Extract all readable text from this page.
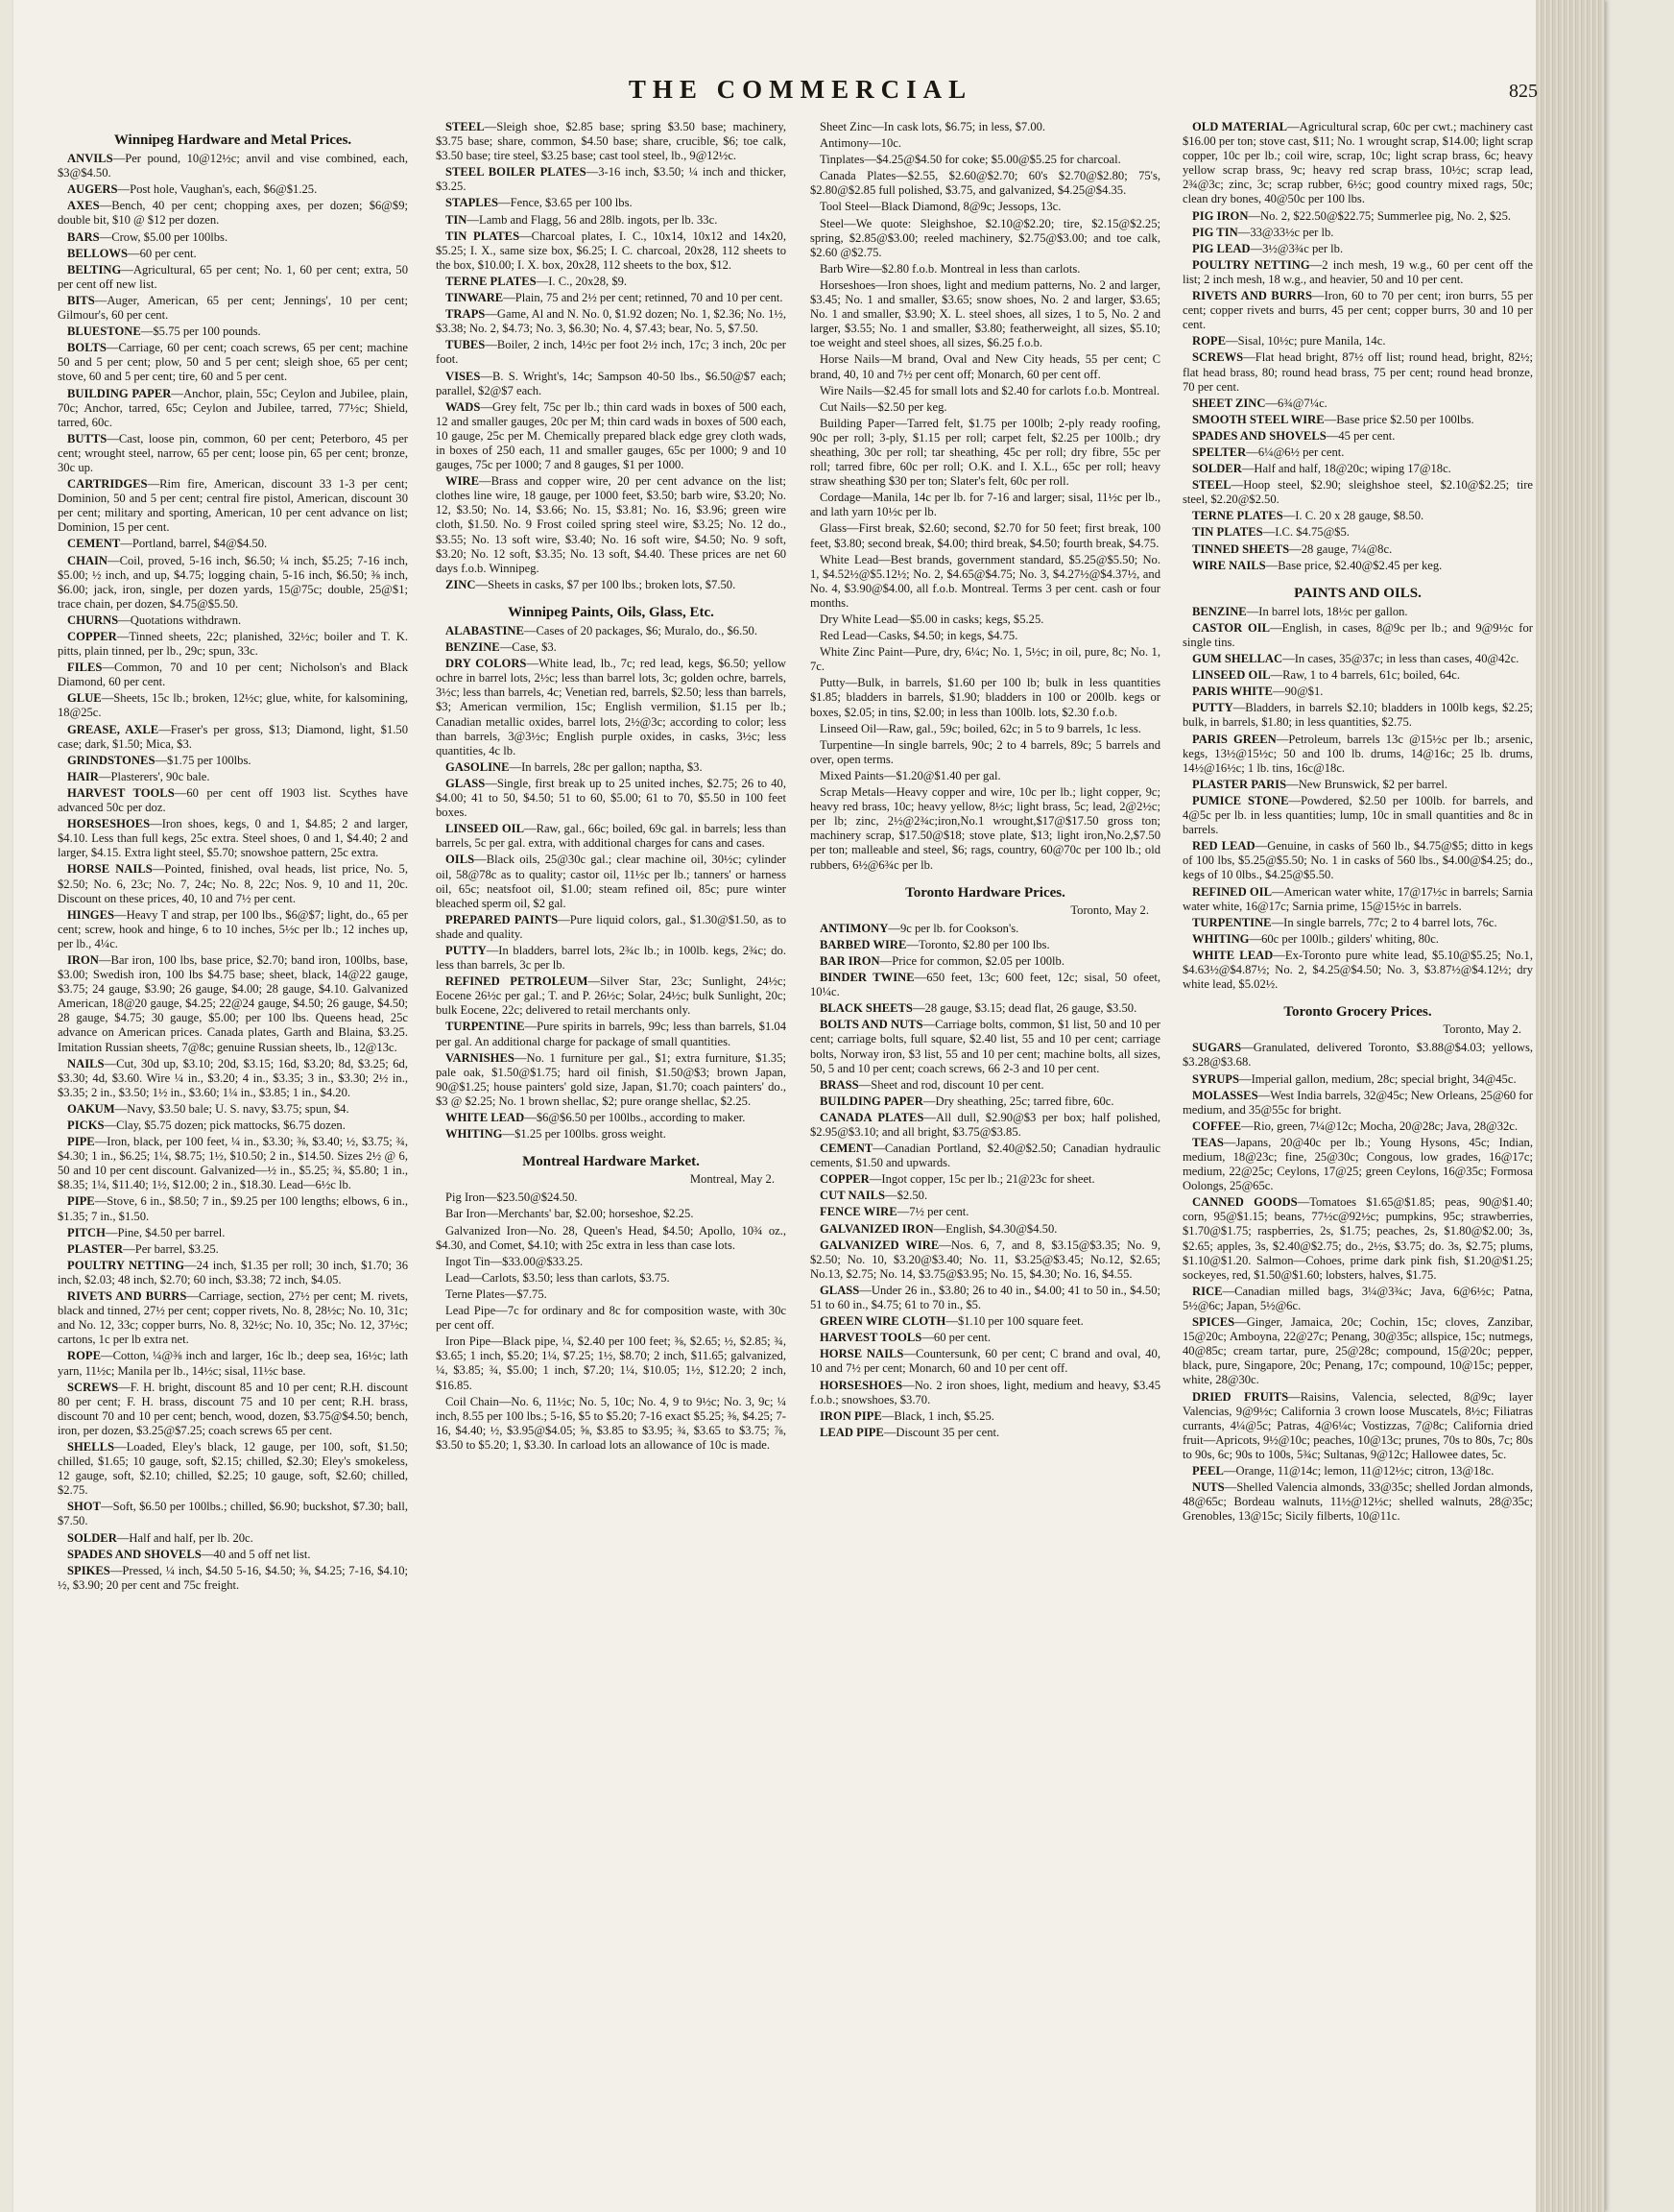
THE COMMERCIAL	825
Winnipeg Hardware and Metal Prices.

ANVILS—Per pound, 10@12½c; anvil and vise combined, each, $3@$4.50.

AUGERS—Post hole, Vaughan's, each, $6@$1.25.

AXES—Bench, 40 per cent; chopping axes, per dozen; $6@$9; double bit, $10 @ $12 per dozen.

BARS—Crow, $5.00 per 100lbs.

BELLOWS—60 per cent.

BELTING—Agricultural, 65 per cent; No. 1, 60 per cent; extra, 50 per cent off new list.

BITS—Auger, American, 65 per cent; Jennings', 10 per cent; Gilmour's, 60 per cent.

BLUESTONE—$5.75 per 100 pounds.

BOLTS—Carriage, 60 per cent; coach screws, 65 per cent; machine 50 and 5 per cent; plow, 50 and 5 per cent; sleigh shoe, 65 per cent; stove, 60 and 5 per cent; tire, 60 and 5 per cent.

BUILDING PAPER—Anchor, plain, 55c; Ceylon and Jubilee, plain, 70c; Anchor, tarred, 65c; Ceylon and Jubilee, tarred, 77½c; Shield, tarred, 60c.

BUTTS—Cast, loose pin, common, 60 per cent; Peterboro, 45 per cent; wrought steel, narrow, 65 per cent; loose pin, 65 per cent; bronze, 30c up.

CARTRIDGES—Rim fire, American, discount 33 1-3 per cent; Dominion, 50 and 5 per cent; central fire pistol, American, discount 30 per cent; military and sporting, American, 10 per cent advance on list; Dominion, 15 per cent.

CEMENT—Portland, barrel, $4@$4.50.

CHAIN—Coil, proved, 5-16 inch, $6.50; ¼ inch, $5.25; 7-16 inch, $5.00; ½ inch, and up, $4.75; logging chain, 5-16 inch, $6.50; ⅜ inch, $6.00; jack, iron, single, per dozen yards, 15@75c; double, 25@$1; trace chain, per dozen, $4.75@$5.50.

CHURNS—Quotations withdrawn.

COPPER—Tinned sheets, 22c; planished, 32½c; boiler and T. K. pitts, plain tinned, per lb., 29c; spun, 33c.

FILES—Common, 70 and 10 per cent; Nicholson's and Black Diamond, 60 per cent.

GLUE—Sheets, 15c lb.; broken, 12½c; glue, white, for kalsomining, 18@25c.

GREASE, AXLE—Fraser's per gross, $13; Diamond, light, $1.50 case; dark, $1.50; Mica, $3.

GRINDSTONES—$1.75 per 100lbs.

HAIR—Plasterers', 90c bale.

HARVEST TOOLS—60 per cent off 1903 list. Scythes have advanced 50c per doz.

HORSESHOES—Iron shoes, kegs, 0 and 1, $4.85; 2 and larger, $4.10. Less than full kegs, 25c extra. Steel shoes, 0 and 1, $4.40; 2 and larger, $4.15. Extra light steel, $5.70; snowshoe pattern, 25c extra.

HORSE NAILS—Pointed, finished, oval heads, list price, No. 5, $2.50; No. 6, 23c; No. 7, 24c; No. 8, 22c; Nos. 9, 10 and 11, 20c. Discount on these prices, 40, 10 and 7½ per cent.

HINGES—Heavy T and strap, per 100 lbs., $6@$7; light, do., 65 per cent; screw, hook and hinge, 6 to 10 inches, 5½c per lb.; 12 inches up, per lb., 4¼c.

IRON—Bar iron, 100 lbs, base price, $2.70; band iron, 100lbs, base, $3.00; Swedish iron, 100 lbs $4.75 base; sheet, black, 14@22 gauge, $3.75; 24 gauge, $3.90; 26 gauge, $4.00; 28 gauge, $4.10. Galvanized American, 18@20 gauge, $4.25; 22@24 gauge, $4.50; 26 gauge, $4.50; 28 gauge, $4.75; 30 gauge, $5.00; per 100 lbs. Queens head, 25c advance on American prices. Canada plates, Garth and Blaina, $3.25. Imitation Russian sheets, 7@8c; genuine Russian sheets, lb., 12@13c.

NAILS—Cut, 30d up, $3.10; 20d, $3.15; 16d, $3.20; 8d, $3.25; 6d, $3.30; 4d, $3.60. Wire ¼ in., $3.20; 4 in., $3.35; 3 in., $3.30; 2½ in., $3.35; 2 in., $3.50; 1½ in., $3.60; 1¼ in., $3.85; 1 in., $4.20.

OAKUM—Navy, $3.50 bale; U. S. navy, $3.75; spun, $4.

PICKS—Clay, $5.75 dozen; pick mattocks, $6.75 dozen.

PIPE—Iron, black, per 100 feet, ¼ in., $3.30; ⅜, $3.40; ½, $3.75; ¾, $4.30; 1 in., $6.25; 1¼, $8.75; 1½, $10.50; 2 in., $14.50. Sizes 2½ @ 6, 50 and 10 per cent discount. Galvanized—½ in., $5.25; ¾, $5.80; 1 in., $8.35; 1¼, $11.40; 1½, $12.00; 2 in., $18.30. Lead—6½c lb.

PIPE—Stove, 6 in., $8.50; 7 in., $9.25 per 100 lengths; elbows, 6 in., $1.35; 7 in., $1.50.

PITCH—Pine, $4.50 per barrel.

PLASTER—Per barrel, $3.25.

POULTRY NETTING—24 inch, $1.35 per roll; 30 inch, $1.70; 36 inch, $2.03; 48 inch, $2.70; 60 inch, $3.38; 72 inch, $4.05.

RIVETS AND BURRS—Carriage, section, 27½ per cent; M. rivets, black and tinned, 27½ per cent; copper rivets, No. 8, 28½c; No. 10, 31c; and No. 12, 33c; copper burrs, No. 8, 32½c; No. 10, 35c; No. 12, 37½c; cartons, 1c per lb extra net.

ROPE—Cotton, ¼@⅜ inch and larger, 16c lb.; deep sea, 16½c; lath yarn, 11½c; Manila per lb., 14½c; sisal, 11½c base.

SCREWS—F. H. bright, discount 85 and 10 per cent; R.H. discount 80 per cent; F. H. brass, discount 75 and 10 per cent; R.H. brass, discount 70 and 10 per cent; bench, wood, dozen, $3.75@$4.50; bench, iron, per dozen, $3.25@$7.25; coach screws 65 per cent.

SHELLS—Loaded, Eley's black, 12 gauge, per 100, soft, $1.50; chilled, $1.65; 10 gauge, soft, $2.15; chilled, $2.30; Eley's smokeless, 12 gauge, soft, $2.10; chilled, $2.25; 10 gauge, soft, $2.60; chilled, $2.75.

SHOT—Soft, $6.50 per 100lbs.; chilled, $6.90; buckshot, $7.30; ball, $7.50.

SOLDER—Half and half, per lb. 20c.

SPADES AND SHOVELS—40 and 5 off net list.

SPIKES—Pressed, ¼ inch, $4.50 5-16, $4.50; ⅜, $4.25; 7-16, $4.10; ½, $3.90; 20 per cent and 75c freight.

STEEL—Sleigh shoe, $2.85 base; spring $3.50 base; machinery, $3.75 base; share, common, $4.50 base; share, crucible, $6; toe calk, $3.50 base; tire steel, $3.25 base; cast tool steel, lb., 9@12½c.

STEEL BOILER PLATES—3-16 inch, $3.50; ¼ inch and thicker, $3.25.

STAPLES—Fence, $3.65 per 100 lbs.

TIN—Lamb and Flagg, 56 and 28lb. ingots, per lb. 33c.

TIN PLATES—Charcoal plates, I. C., 10x14, 10x12 and 14x20, $5.25; I. X., same size box, $6.25; I. C. charcoal, 20x28, 112 sheets to the box, $10.00; I. X. box, 20x28, 112 sheets to the box, $12.

TERNE PLATES—I. C., 20x28, $9.

TINWARE—Plain, 75 and 2½ per cent; retinned, 70 and 10 per cent.

TRAPS—Game, Al and N. No. 0, $1.92 dozen; No. 1, $2.36; No. 1½, $3.38; No. 2, $4.73; No. 3, $6.30; No. 4, $7.43; bear, No. 5, $7.50.

TUBES—Boiler, 2 inch, 14½c per foot 2½ inch, 17c; 3 inch, 20c per foot.

VISES—B. S. Wright's, 14c; Sampson 40-50 lbs., $6.50@$7 each; parallel, $2@$7 each.

WADS—Grey felt, 75c per lb.; thin card wads in boxes of 500 each, 12 and smaller gauges, 20c per M; thin card wads in boxes of 500 each, 10 gauge, 25c per M. Chemically prepared black edge grey cloth wads, in boxes of 250 each, 11 and smaller gauges, 65c per 1000; 9 and 10 gauges, 75c per 1000; 7 and 8 gauges, $1 per 1000.

WIRE—Brass and copper wire, 20 per cent advance on the list; clothes line wire, 18 gauge, per 1000 feet, $3.50; barb wire, $3.20; No. 12, $3.50; No. 14, $3.66; No. 15, $3.81; No. 16, $3.96; green wire cloth, $1.50. No. 9 Frost coiled spring steel wire, $3.25; No. 12 do., $3.55; No. 13 soft wire, $3.40; No. 16 soft wire, $4.50; No. 9 soft, $3.20; No. 12 soft, $3.35; No. 13 soft, $4.40. These prices are net 60 days f.o.b. Winnipeg.

ZINC—Sheets in casks, $7 per 100 lbs.; broken lots, $7.50.

Winnipeg Paints, Oils, Glass, Etc.

ALABASTINE—Cases of 20 packages, $6; Muralo, do., $6.50.

BENZINE—Case, $3.

DRY COLORS—White lead, lb., 7c; red lead, kegs, $6.50; yellow ochre in barrel lots, 2½c; less than barrel lots, 3c; golden ochre, barrels, 3½c; less than barrels, 4c; Venetian red, barrels, $2.50; less than barrels, $3; American vermilion, 15c; English vermilion, $1.15 per lb.; Canadian metallic oxides, barrel lots, 2½@3c; according to color; less than barrels, 3@3½c; English purple oxides, in casks, 3½c; less quantities, 4c lb.

GASOLINE—In barrels, 28c per gallon; naptha, $3.

GLASS—Single, first break up to 25 united inches, $2.75; 26 to 40, $4.00; 41 to 50, $4.50; 51 to 60, $5.00; 61 to 70, $5.50 in 100 feet boxes.

LINSEED OIL—Raw, gal., 66c; boiled, 69c gal. in barrels; less than barrels, 5c per gal. extra, with additional charges for cans and cases.

OILS—Black oils, 25@30c gal.; clear machine oil, 30½c; cylinder oil, 58@78c as to quality; castor oil, 11½c per lb.; tanners' or harness oil, 65c; neatsfoot oil, $1.00; steam refined oil, 85c; pure winter bleached sperm oil, $2 gal.

PREPARED PAINTS—Pure liquid colors, gal., $1.30@$1.50, as to shade and quality.

PUTTY—In bladders, barrel lots, 2¾c lb.; in 100lb. kegs, 2¾c; do. less than barrels, 3c per lb.

REFINED PETROLEUM—Silver Star, 23c; Sunlight, 24½c; Eocene 26½c per gal.; T. and P. 26½c; Solar, 24½c; bulk Sunlight, 20c; bulk Eocene, 22c; delivered to retail merchants only.

TURPENTINE—Pure spirits in barrels, 99c; less than barrels, $1.04 per gal. An additional charge for package of small quantities.

VARNISHES—No. 1 furniture per gal., $1; extra furniture, $1.35; pale oak, $1.50@$1.75; hard oil finish, $1.50@$3; brown Japan, 90@$1.25; house painters' gold size, Japan, $1.70; coach painters' do., $3 @ $2.25; No. 1 brown shellac, $2; pure orange shellac, $2.25.

WHITE LEAD—$6@$6.50 per 100lbs., according to maker.

WHITING—$1.25 per 100lbs. gross weight.

Montreal Hardware Market.
Montreal, May 2.

Pig Iron—$23.50@$24.50.

Bar Iron—Merchants' bar, $2.00; horseshoe, $2.25.

Galvanized Iron—No. 28, Queen's Head, $4.50; Apollo, 10¾ oz., $4.30, and Comet, $4.10; with 25c extra in less than case lots.

Ingot Tin—$33.00@$33.25.

Lead—Carlots, $3.50; less than carlots, $3.75.

Terne Plates—$7.75.

Lead Pipe—7c for ordinary and 8c for composition waste, with 30c per cent off.

Iron Pipe—Black pipe, ¼, $2.40 per 100 feet; ⅜, $2.65; ½, $2.85; ¾, $3.65; 1 inch, $5.20; 1¼, $7.25; 1½, $8.70; 2 inch, $11.65; galvanized, ¼, $3.85; ¾, $5.00; 1 inch, $7.20; 1¼, $10.05; 1½, $12.20; 2 inch, $16.85.

Coil Chain—No. 6, 11½c; No. 5, 10c; No. 4, 9 to 9½c; No. 3, 9c; ¼ inch, 8.55 per 100 lbs.; 5-16, $5 to $5.20; 7-16 exact $5.25; ⅜, $4.25; 7-16, $4.40; ½, $3.95@$4.05; ⅝, $3.85 to $3.95; ¾, $3.65 to $3.75; ⅞, $3.50 to $5.20; 1, $3.30. In carload lots an allowance of 10c is made.

Sheet Zinc—In cask lots, $6.75; in less, $7.00.

Antimony—10c.

Tinplates—$4.25@$4.50 for coke; $5.00@$5.25 for charcoal.

Canada Plates—$2.55, $2.60@$2.70; 60's $2.70@$2.80; 75's, $2.80@$2.85 full polished, $3.75, and galvanized, $4.25@$4.35.

Tool Steel—Black Diamond, 8@9c; Jessops, 13c.

Steel—We quote: Sleighshoe, $2.10@$2.20; tire, $2.15@$2.25; spring, $2.85@$3.00; reeled machinery, $2.75@$3.00; and toe calk, $2.60 @$2.75.

Barb Wire—$2.80 f.o.b. Montreal in less than carlots.

Horseshoes—Iron shoes, light and medium patterns, No. 2 and larger, $3.45; No. 1 and smaller, $3.65; snow shoes, No. 2 and larger, $3.65; No. 1 and smaller, $3.90; X. L. steel shoes, all sizes, 1 to 5, No. 2 and larger, $3.55; No. 1 and smaller, $3.80; featherweight, all sizes, $5.10; toe weight and steel shoes, all sizes, $6.25 f.o.b.

Horse Nails—M brand, Oval and New City heads, 55 per cent; C brand, 40, 10 and 7½ per cent off; Monarch, 60 per cent off.

Wire Nails—$2.45 for small lots and $2.40 for carlots f.o.b. Montreal.

Cut Nails—$2.50 per keg.

Building Paper—Tarred felt, $1.75 per 100lb; 2-ply ready roofing, 90c per roll; 3-ply, $1.15 per roll; carpet felt, $2.25 per 100lb.; dry sheathing, 30c per roll; tar sheathing, 45c per roll; dry fibre, 55c per roll; tarred fibre, 60c per roll; O.K. and I. X.L., 65c per roll; heavy straw sheathing $30 per ton; Slater's felt, 60c per roll.

Cordage—Manila, 14c per lb. for 7-16 and larger; sisal, 11½c per lb., and lath yarn 10½c per lb.

Glass—First break, $2.60; second, $2.70 for 50 feet; first break, 100 feet, $3.80; second break, $4.00; third break, $4.50; fourth break, $4.75.

White Lead—Best brands, government standard, $5.25@$5.50; No. 1, $4.52½@$5.12½; No. 2, $4.65@$4.75; No. 3, $4.27½@$4.37½, and No. 4, $3.90@$4.00, all f.o.b. Montreal. Terms 3 per cent. cash or four months.

Dry White Lead—$5.00 in casks; kegs, $5.25.

Red Lead—Casks, $4.50; in kegs, $4.75.

White Zinc Paint—Pure, dry, 6¼c; No. 1, 5½c; in oil, pure, 8c; No. 1, 7c.

Putty—Bulk, in barrels, $1.60 per 100 lb; bulk in less quantities $1.85; bladders in barrels, $1.90; bladders in 100 or 200lb. kegs or boxes, $2.05; in tins, $2.00; in less than 100lb. lots, $2.30 f.o.b.

Linseed Oil—Raw, gal., 59c; boiled, 62c; in 5 to 9 barrels, 1c less.

Turpentine—In single barrels, 90c; 2 to 4 barrels, 89c; 5 barrels and over, open terms.

Mixed Paints—$1.20@$1.40 per gal.

Scrap Metals—Heavy copper and wire, 10c per lb.; light copper, 9c; heavy red brass, 10c; heavy yellow, 8½c; light brass, 5c; lead, 2@2½c; per lb; zinc, 2½@2¾c;iron,No.1 wrought,$17@$17.50 gross ton; machinery scrap, $17.50@$18; stove plate, $13; light iron,No.2,$7.50 per ton; malleable and steel, $6; rags, country, 60@70c per 100 lb.; old rubbers, 6½@6¾c per lb.

Toronto Hardware Prices.
Toronto, May 2.

ANTIMONY—9c per lb. for Cookson's.

BARBED WIRE—Toronto, $2.80 per 100 lbs.

BAR IRON—Price for common, $2.05 per 100lb.

BINDER TWINE—650 feet, 13c; 600 feet, 12c; sisal, 50 ofeet, 10¼c.

BLACK SHEETS—28 gauge, $3.15; dead flat, 26 gauge, $3.50.

BOLTS AND NUTS—Carriage bolts, common, $1 list, 50 and 10 per cent; carriage bolts, full square, $2.40 list, 55 and 10 per cent; carriage bolts, Norway iron, $3 list, 55 and 10 per cent; machine bolts, all sizes, 50, 5 and 10 per cent; coach screws, 66 2-3 and 10 per cent.

BRASS—Sheet and rod, discount 10 per cent.

BUILDING PAPER—Dry sheathing, 25c; tarred fibre, 60c.

CANADA PLATES—All dull, $2.90@$3 per box; half polished, $2.95@$3.10; and all bright, $3.75@$3.85.

CEMENT—Canadian Portland, $2.40@$2.50; Canadian hydraulic cements, $1.50 and upwards.

COPPER—Ingot copper, 15c per lb.; 21@23c for sheet.

CUT NAILS—$2.50.

FENCE WIRE—7½ per cent.

GALVANIZED IRON—English, $4.30@$4.50.

GALVANIZED WIRE—Nos. 6, 7, and 8, $3.15@$3.35; No. 9, $2.50; No. 10, $3.20@$3.40; No. 11, $3.25@$3.45; No.12, $2.65; No.13, $2.75; No. 14, $3.75@$3.95; No. 15, $4.30; No. 16, $4.55.

GLASS—Under 26 in., $3.80; 26 to 40 in., $4.00; 41 to 50 in., $4.50; 51 to 60 in., $4.75; 61 to 70 in., $5.

GREEN WIRE CLOTH—$1.10 per 100 square feet.

HARVEST TOOLS—60 per cent.

HORSE NAILS—Countersunk, 60 per cent; C brand and oval, 40, 10 and 7½ per cent; Monarch, 60 and 10 per cent off.

HORSESHOES—No. 2 iron shoes, light, medium and heavy, $3.45 f.o.b.; snowshoes, $3.70.

IRON PIPE—Black, 1 inch, $5.25.

LEAD PIPE—Discount 35 per cent.

OLD MATERIAL—Agricultural scrap, 60c per cwt.; machinery cast $16.00 per ton; stove cast, $11; No. 1 wrought scrap, $14.00; light scrap copper, 10c per lb.; coil wire, scrap, 10c; light scrap brass, 6c; heavy yellow scrap brass, 9c; heavy red scrap brass, 10½c; scrap lead, 2¾@3c; zinc, 3c; scrap rubber, 6½c; good country mixed rags, 50c; clean dry bones, 40@50c per 100 lbs.

PIG IRON—No. 2, $22.50@$22.75; Summerlee pig, No. 2, $25.

PIG TIN—33@33½c per lb.

PIG LEAD—3½@3¾c per lb.

POULTRY NETTING—2 inch mesh, 19 w.g., 60 per cent off the list; 2 inch mesh, 18 w.g., and heavier, 50 and 10 per cent.

RIVETS AND BURRS—Iron, 60 to 70 per cent; iron burrs, 55 per cent; copper rivets and burrs, 45 per cent; copper burrs, 30 and 10 per cent.

ROPE—Sisal, 10½c; pure Manila, 14c.

SCREWS—Flat head bright, 87½ off list; round head, bright, 82½; flat head brass, 80; round head brass, 75 per cent; round head bronze, 70 per cent.

SHEET ZINC—6¾@7¼c.

SMOOTH STEEL WIRE—Base price $2.50 per 100lbs.

SPADES AND SHOVELS—45 per cent.

SPELTER—6¼@6½ per cent.

SOLDER—Half and half, 18@20c; wiping 17@18c.

STEEL—Hoop steel, $2.90; sleighshoe steel, $2.10@$2.25; tire steel, $2.20@$2.50.

TERNE PLATES—I. C. 20 x 28 gauge, $8.50.

TIN PLATES—I.C. $4.75@$5.

TINNED SHEETS—28 gauge, 7¼@8c.

WIRE NAILS—Base price, $2.40@$2.45 per keg.

PAINTS AND OILS.

BENZINE—In barrel lots, 18½c per gallon.

CASTOR OIL—English, in cases, 8@9c per lb.; and 9@9½c for single tins.

GUM SHELLAC—In cases, 35@37c; in less than cases, 40@42c.

LINSEED OIL—Raw, 1 to 4 barrels, 61c; boiled, 64c.

PARIS WHITE—90@$1.

PUTTY—Bladders, in barrels $2.10; bladders in 100lb kegs, $2.25; bulk, in barrels, $1.80; in less quantities, $2.75.

PARIS GREEN—Petroleum, barrels 13c @15½c per lb.; arsenic, kegs, 13½@15½c; 50 and 100 lb. drums, 14@16c; 25 lb. drums, 14½@16½c; 1 lb. tins, 16c@18c.

PLASTER PARIS—New Brunswick, $2 per barrel.

PUMICE STONE—Powdered, $2.50 per 100lb. for barrels, and 4@5c per lb. in less quantities; lump, 10c in small quantities and 8c in barrels.

RED LEAD—Genuine, in casks of 560 lb., $4.75@$5; ditto in kegs of 100 lbs, $5.25@$5.50; No. 1 in casks of 560 lbs., $4.00@$4.25; do., kegs of 10 0lbs., $4.25@$5.50.

REFINED OIL—American water white, 17@17½c in barrels; Sarnia water white, 16@17c; Sarnia prime, 15@15½c in barrels.

TURPENTINE—In single barrels, 77c; 2 to 4 barrel lots, 76c.

WHITING—60c per 100lb.; gilders' whiting, 80c.

WHITE LEAD—Ex-Toronto pure white lead, $5.10@$5.25; No.1, $4.63½@$4.87½; No. 2, $4.25@$4.50; No. 3, $3.87½@$4.12½; dry white lead, $5.02½.

Toronto Grocery Prices.
Toronto, May 2.

SUGARS—Granulated, delivered Toronto, $3.88@$4.03; yellows, $3.28@$3.68.

SYRUPS—Imperial gallon, medium, 28c; special bright, 34@45c.

MOLASSES—West India barrels, 32@45c; New Orleans, 25@60 for medium, and 35@55c for bright.

COFFEE—Rio, green, 7¼@12c; Mocha, 20@28c; Java, 28@32c.

TEAS—Japans, 20@40c per lb.; Young Hysons, 45c; Indian, medium, 18@23c; fine, 25@30c; Congous, low grades, 16@17c; medium, 22@25c; Ceylons, 17@25; green Ceylons, 16@35c; Formosa Oolongs, 25@65c.

CANNED GOODS—Tomatoes $1.65@$1.85; peas, 90@$1.40; corn, 95@$1.15; beans, 77½c@92½c; pumpkins, 95c; strawberries, $1.70@$1.75; raspberries, 2s, $1.75; peaches, 2s, $1.80@$2.00; 3s, $2.65; apples, 3s, $2.40@$2.75; do., 2½s, $3.75; do. 3s, $2.75; plums, $1.10@$1.20. Salmon—Cohoes, prime dark pink fish, $1.20@$1.25; sockeyes, red, $1.50@$1.60; lobsters, halves, $1.75.

RICE—Canadian milled bags, 3¼@3¾c; Java, 6@6½c; Patna, 5½@6c; Japan, 5½@6c.

SPICES—Ginger, Jamaica, 20c; Cochin, 15c; cloves, Zanzibar, 15@20c; Amboyna, 22@27c; Penang, 30@35c; allspice, 15c; nutmegs, 40@85c; cream tartar, pure, 25@28c; compound, 15@20c; pepper, black, pure, Singapore, 20c; Penang, 17c; compound, 10@15c; pepper, white, 28@30c.

DRIED FRUITS—Raisins, Valencia, selected, 8@9c; layer Valencias, 9@9½c; California 3 crown loose Muscatels, 8½c; Filiatras currants, 4¼@5c; Patras, 4@6¼c; Vostizzas, 7@8c; California dried fruit—Apricots, 9½@10c; peaches, 10@13c; prunes, 70s to 80s, 7c; 80s to 90s, 6c; 90s to 100s, 5¾c; Sultanas, 9@12c; Hallowee dates, 5c.

PEEL—Orange, 11@14c; lemon, 11@12½c; citron, 13@18c.

NUTS—Shelled Valencia almonds, 33@35c; shelled Jordan almonds, 48@65c; Bordeau walnuts, 11½@12½c; shelled walnuts, 28@35c; Grenobles, 13@15c; Sicily filberts, 10@11c.
